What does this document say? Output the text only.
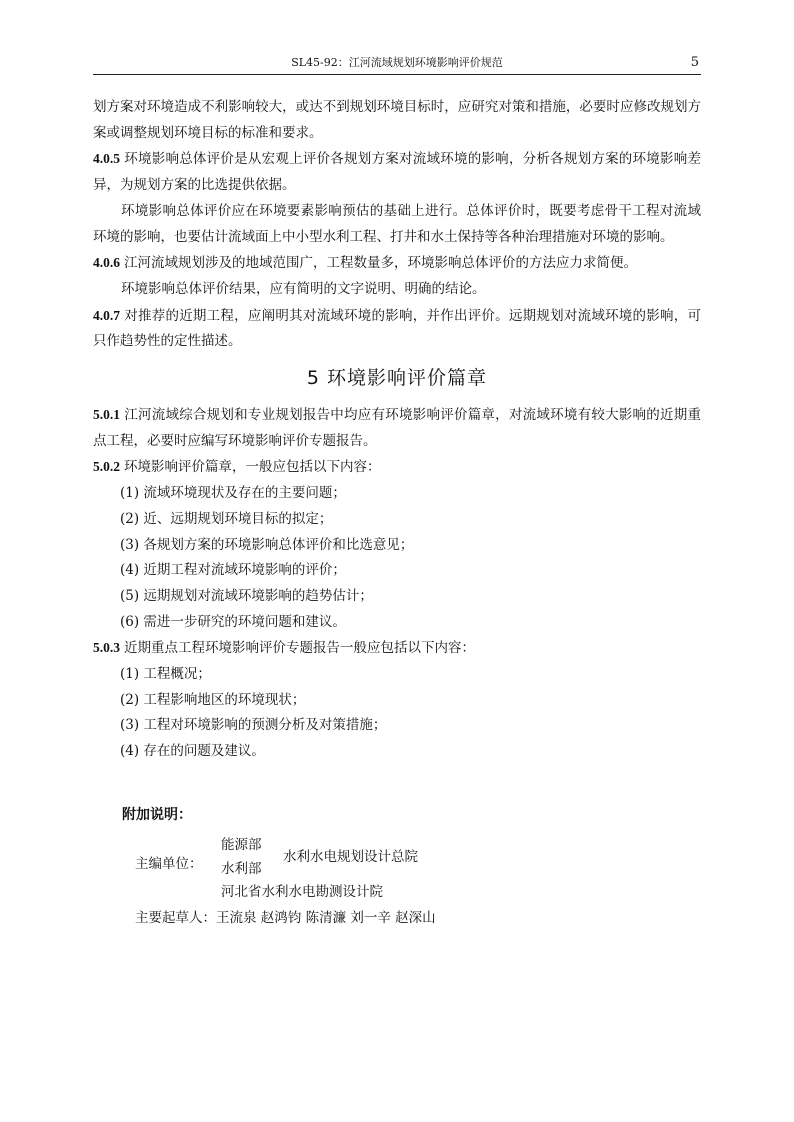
SL45-92：江河流域规划环境影响评价规范	5

划方案对环境造成不利影响较大，或达不到规划环境目标时，应研究对策和措施，必要时应修改规划方案或调整规划环境目标的标准和要求。

4.0.5 环境影响总体评价是从宏观上评价各规划方案对流域环境的影响，分析各规划方案的环境影响差异，为规划方案的比选提供依据。

环境影响总体评价应在环境要素影响预估的基础上进行。总体评价时，既要考虑骨干工程对流域环境的影响，也要估计流域面上中小型水利工程、打井和水土保持等各种治理措施对环境的影响。

4.0.6 江河流域规划涉及的地域范围广，工程数量多，环境影响总体评价的方法应力求简便。

环境影响总体评价结果，应有简明的文字说明、明确的结论。

4.0.7 对推荐的近期工程，应阐明其对流域环境的影响，并作出评价。远期规划对流域环境的影响，可只作趋势性的定性描述。

5 环境影响评价篇章

5.0.1 江河流域综合规划和专业规划报告中均应有环境影响评价篇章，对流域环境有较大影响的近期重点工程，必要时应编写环境影响评价专题报告。

5.0.2 环境影响评价篇章，一般应包括以下内容：

(1) 流域环境现状及存在的主要问题；
(2) 近、远期规划环境目标的拟定；
(3) 各规划方案的环境影响总体评价和比选意见；
(4) 近期工程对流域环境影响的评价；
(5) 远期规划对流域环境影响的趋势估计；
(6) 需进一步研究的环境问题和建议。

5.0.3 近期重点工程环境影响评价专题报告一般应包括以下内容：

(1) 工程概况；
(2) 工程影响地区的环境现状；
(3) 工程对环境影响的预测分析及对策措施；
(4) 存在的问题及建议。
附加说明：
主编单位：
能源部
水利部
水利水电规划设计总院
河北省水利水电勘测设计院
主要起草人：王流泉 赵鸿钧 陈清濂 刘一辛 赵深山
